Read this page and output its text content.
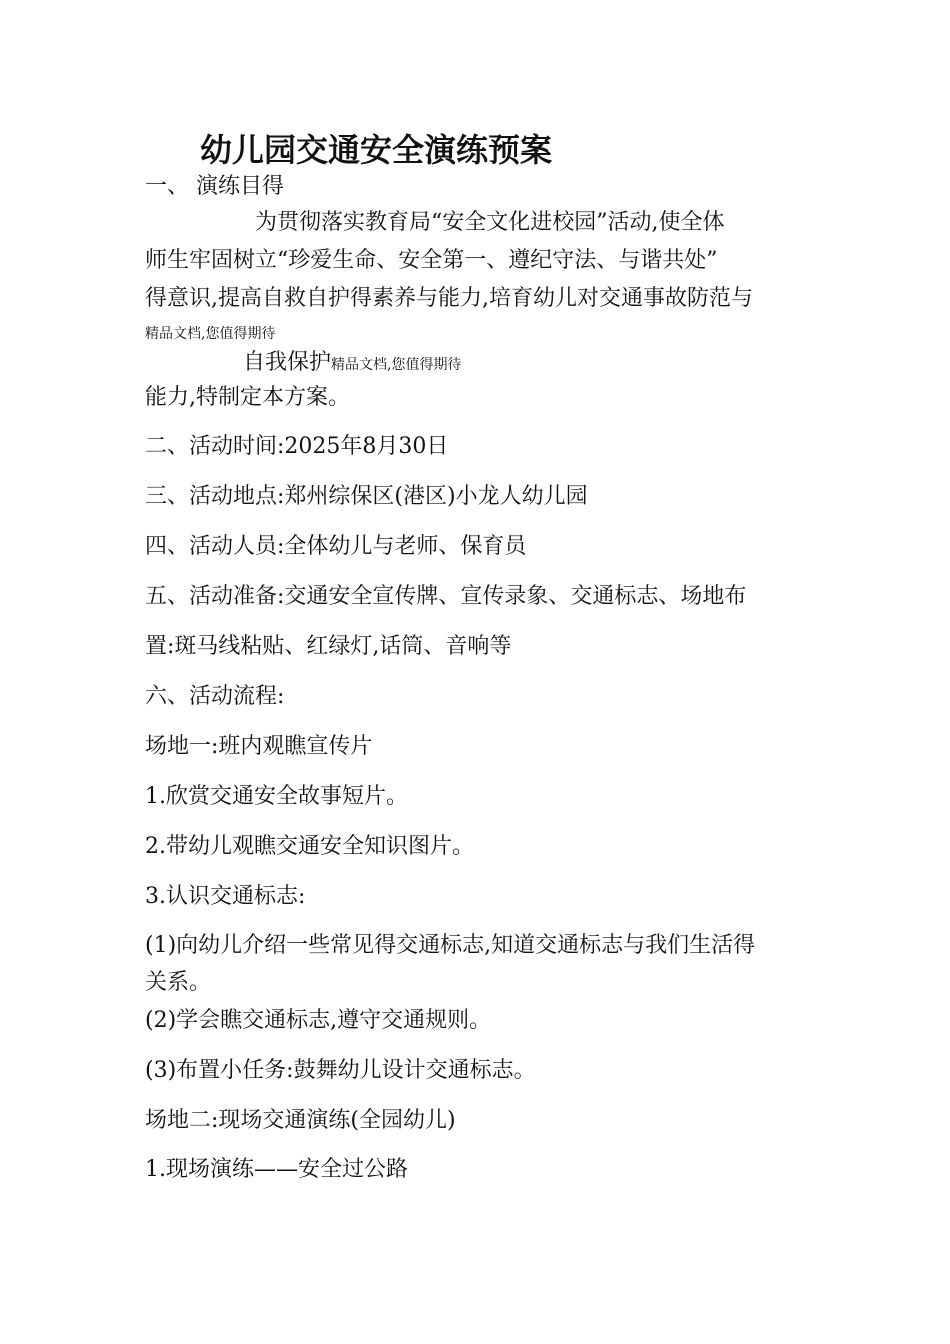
幼儿园交通安全演练预案
一、 演练目得
为贯彻落实教育局“安全文化进校园”活动,使全体
师生牢固树立“珍爱生命、安全第一、遵纪守法、与谐共处”
得意识,提高自救自护得素养与能力,培育幼儿对交通事故防范与
精品文档,您值得期待
自我保护精品文档,您值得期待
能力,特制定本方案。
二、活动时间:2025年8月30日
三、活动地点:郑州综保区(港区)小龙人幼儿园
四、活动人员:全体幼儿与老师、保育员
五、活动准备:交通安全宣传牌、宣传录象、交通标志、场地布
置:斑马线粘贴、红绿灯,话筒、音响等
六、活动流程:
场地一:班内观瞧宣传片
1.欣赏交通安全故事短片。
2.带幼儿观瞧交通安全知识图片。
3.认识交通标志:
(1)向幼儿介绍一些常见得交通标志,知道交通标志与我们生活得
关系。
(2)学会瞧交通标志,遵守交通规则。
(3)布置小任务:鼓舞幼儿设计交通标志。
场地二:现场交通演练(全园幼儿)
1.现场演练——安全过公路
